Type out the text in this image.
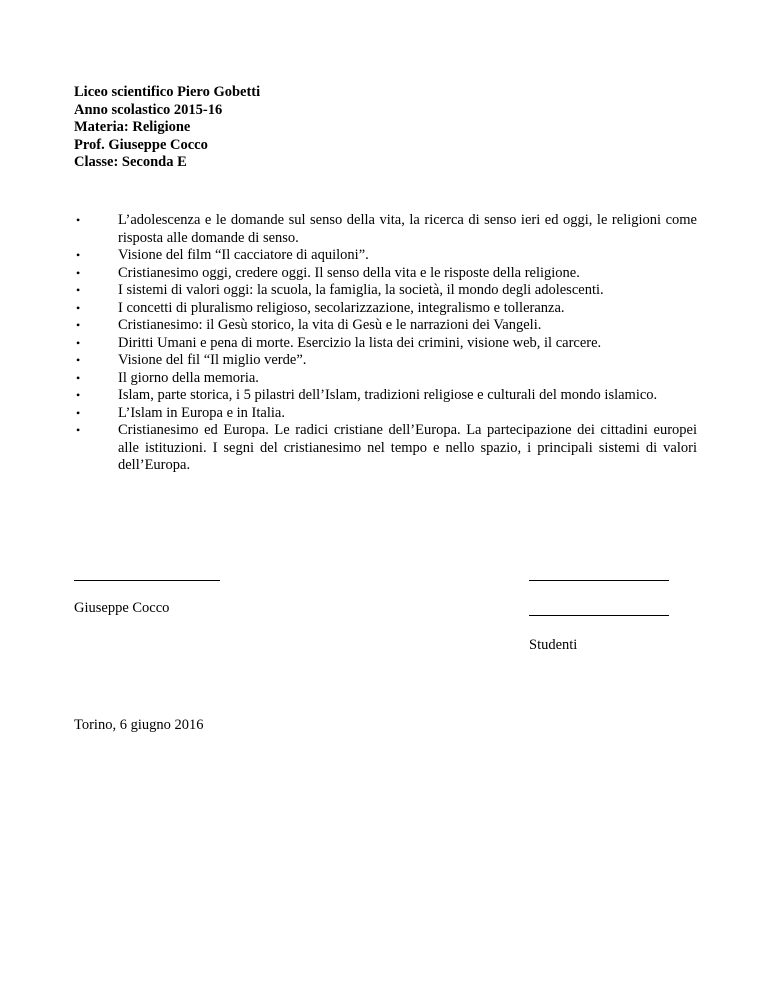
Liceo scientifico Piero Gobetti
Anno scolastico 2015-16
Materia: Religione
Prof. Giuseppe Cocco
Classe: Seconda E
•	L’adolescenza e le domande sul senso della vita, la ricerca di senso ieri ed oggi, le religioni come risposta alle domande di senso.
•	Visione del film “Il cacciatore di aquiloni”.
•	Cristianesimo oggi, credere oggi. Il senso della vita e le risposte della religione.
•	I sistemi di valori oggi: la scuola, la famiglia, la società, il mondo degli adolescenti.
•	I concetti di pluralismo religioso, secolarizzazione, integralismo e tolleranza.
•	Cristianesimo: il Gesù storico, la vita di Gesù e le narrazioni dei Vangeli.
•	Diritti Umani e pena di morte. Esercizio la lista dei crimini, visione web, il carcere.
•	Visione del fil “Il miglio verde”.
•	Il giorno della memoria.
•	Islam, parte storica, i 5 pilastri dell’Islam, tradizioni religiose e culturali del mondo islamico.
•	L’Islam in Europa e in Italia.
•	Cristianesimo ed Europa. Le radici cristiane dell’Europa. La partecipazione dei cittadini europei alle istituzioni. I segni del cristianesimo nel tempo e nello spazio, i principali sistemi di valori dell’Europa.
Giuseppe Cocco
Studenti
Torino, 6 giugno 2016
